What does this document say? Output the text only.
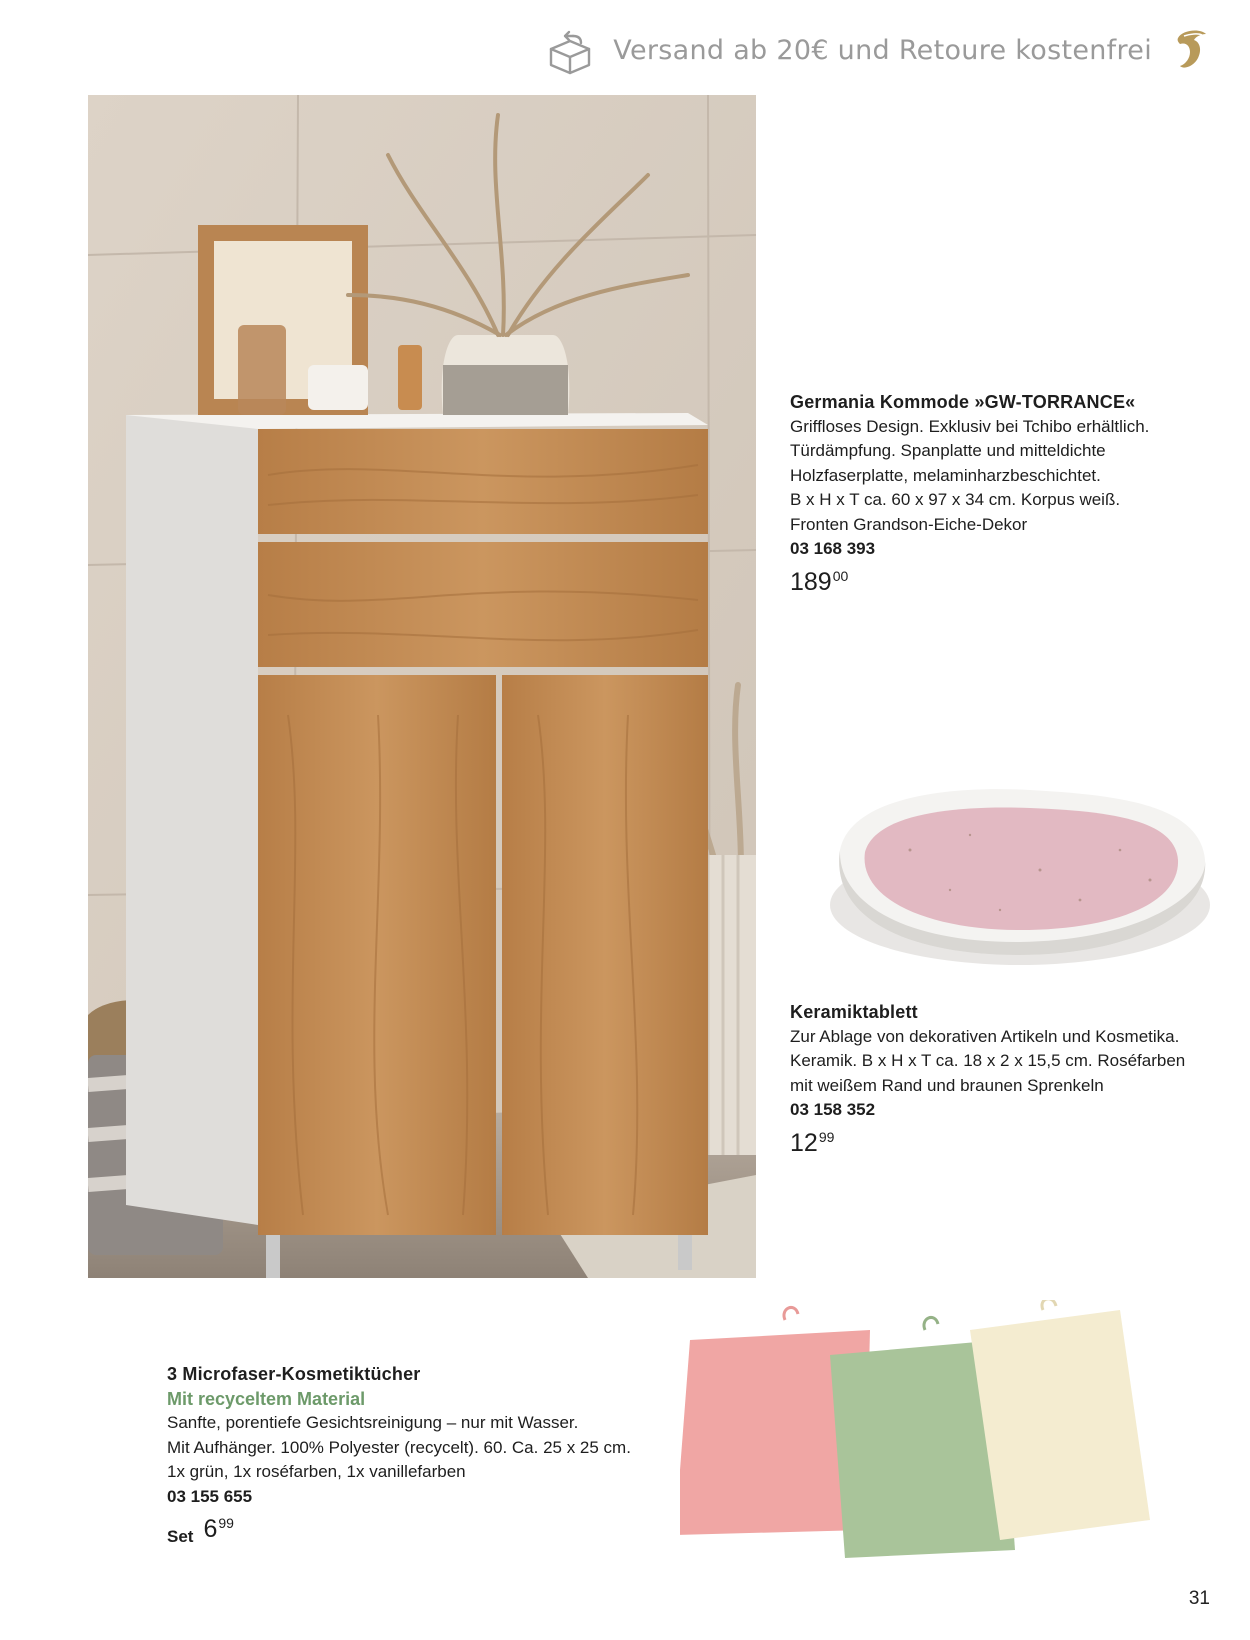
Versand ab 20€ und Retoure kostenfrei
Germania Kommode »GW-TORRANCE«
Griffloses Design. Exklusiv bei Tchibo erhältlich.
Türdämpfung. Spanplatte und mitteldichte
Holzfaserplatte, melaminharzbeschichtet.
B x H x T ca. 60 x 97 x 34 cm. Korpus weiß.
Fronten Grandson-Eiche-Dekor
03 168 393
189 00
Keramiktablett
Zur Ablage von dekorativen Artikeln und Kosmetika.
Keramik. B x H x T ca. 18 x 2 x 15,5 cm. Roséfarben
mit weißem Rand und braunen Sprenkeln
03 158 352
12 99
3 Microfaser-Kosmetiktücher
Mit recyceltem Material
Sanfte, porentiefe Gesichtsreinigung – nur mit Wasser.
Mit Aufhänger. 100% Polyester (recycelt). 60. Ca. 25 x 25 cm.
1x grün, 1x roséfarben, 1x vanillefarben
03 155 655
Set 6 99
31
